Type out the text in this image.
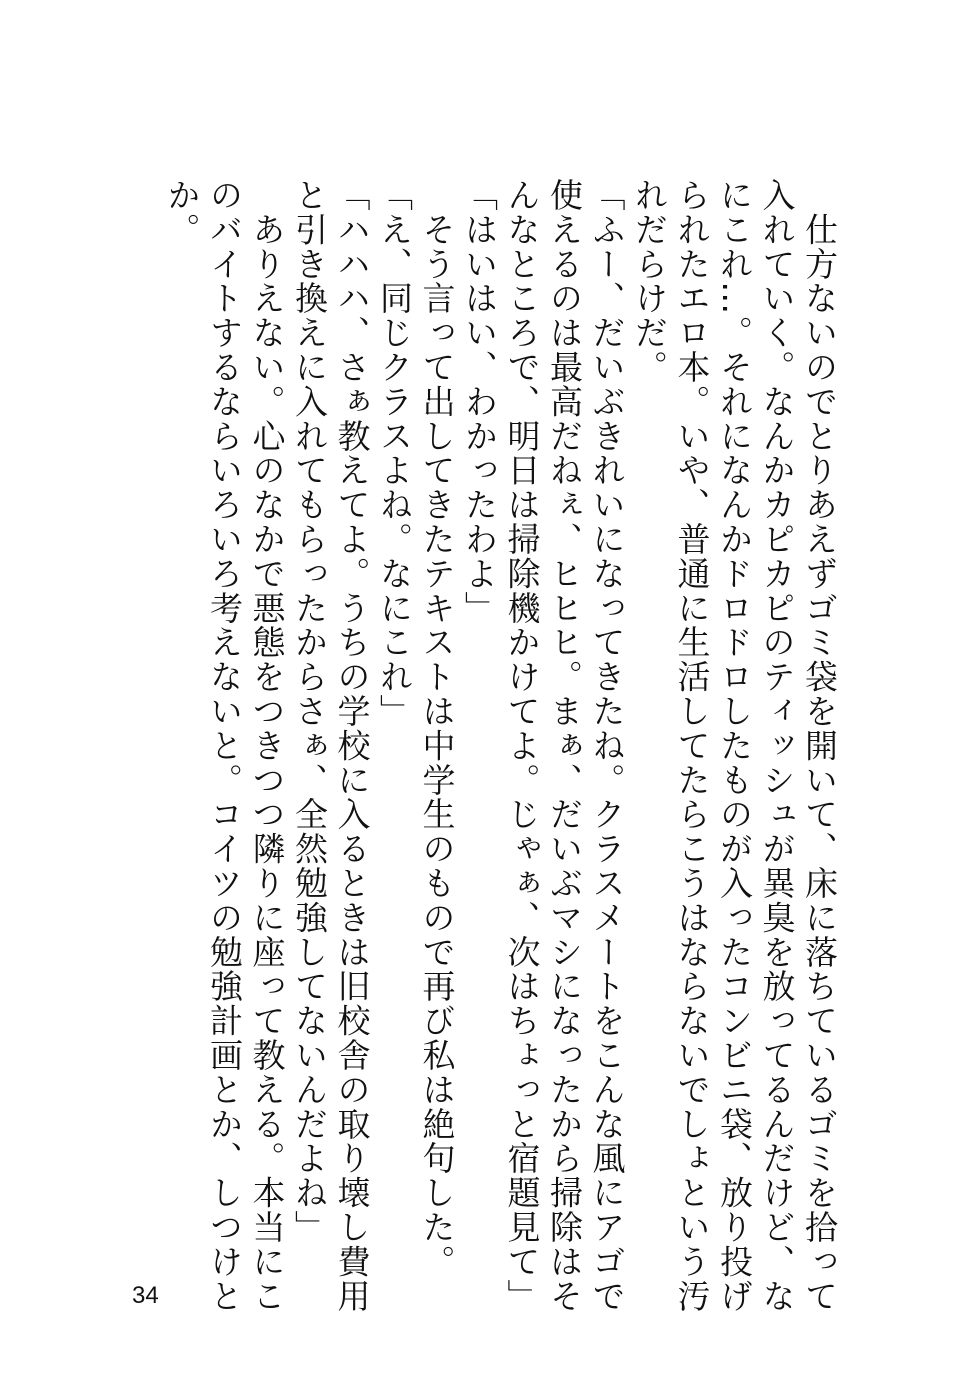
　仕方ないのでとりあえずゴミ袋を開いて、床に落ちているゴミを拾って
入れていく。なんかカピカピのティッシュが異臭を放ってるんだけど、な
にこれ…。それになんかドロドロしたものが入ったコンビニ袋、放り投げ
られたエロ本。いや、普通に生活してたらこうはならないでしょという汚
れだらけだ。
「ふー、だいぶきれいになってきたね。クラスメートをこんな風にアゴで
使えるのは最高だねぇ、ヒヒヒ。まぁ、だいぶマシになったから掃除はそ
んなところで、明日は掃除機かけてよ。じゃぁ、次はちょっと宿題見て」
「はいはい、わかったわよ」
　そう言って出してきたテキストは中学生のもので再び私は絶句した。
「え、同じクラスよね。なにこれ」
「ハハハ、さぁ教えてよ。うちの学校に入るときは旧校舎の取り壊し費用
と引き換えに入れてもらったからさぁ、全然勉強してないんだよね」
　ありえない。心のなかで悪態をつきつつ隣りに座って教える。本当にこ
のバイトするならいろいろ考えないと。コイツの勉強計画とか、しつけと
か。
34
